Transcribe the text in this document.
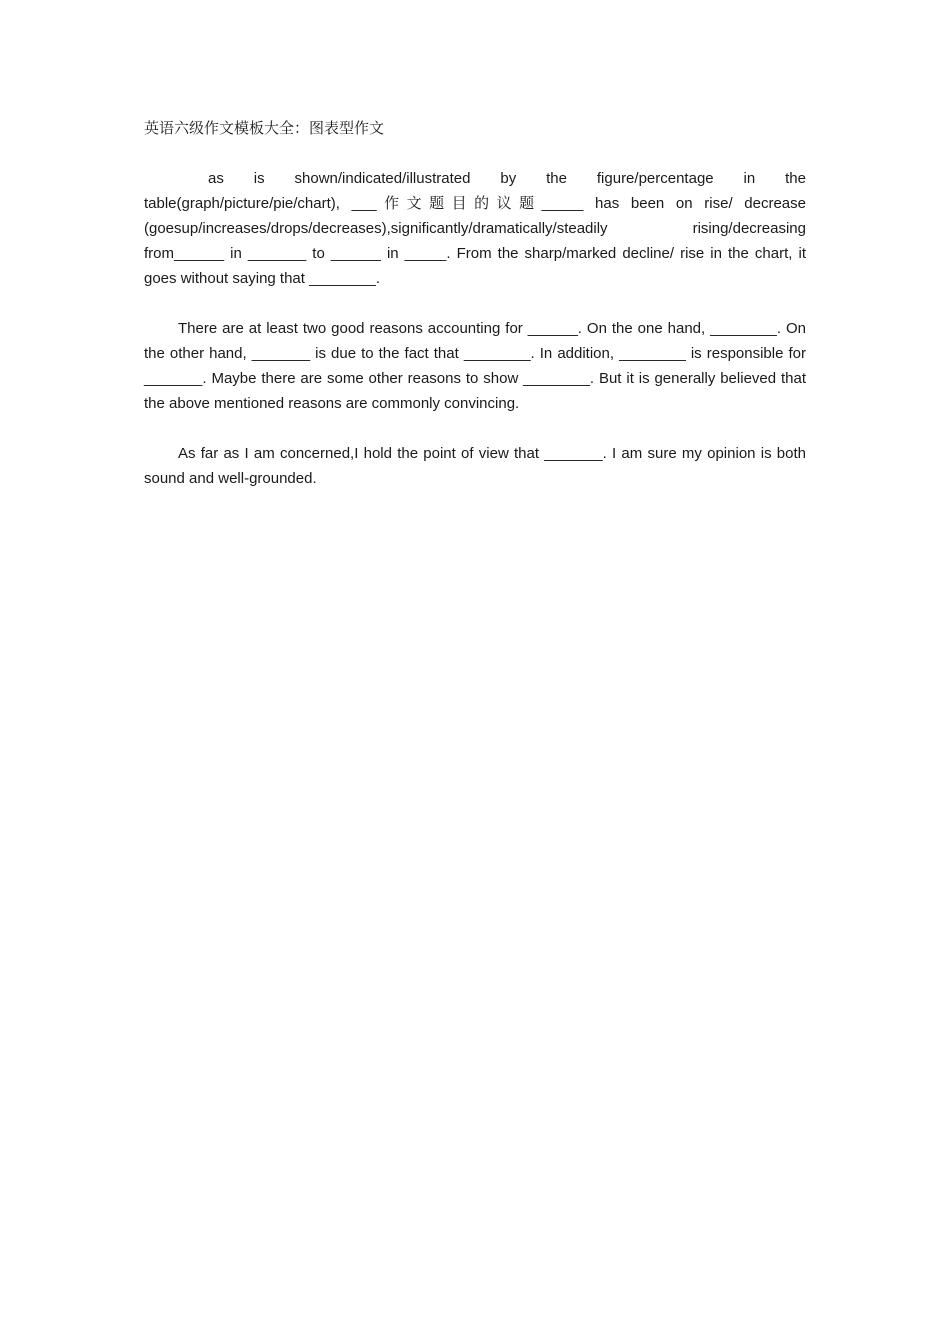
英语六级作文模板大全：图表型作文

as is shown/indicated/illustrated by the figure/percentage in the table(graph/picture/pie/chart), ___作文题目的议题_____ has been on rise/ decrease (goesup/increases/drops/decreases),significantly/dramatically/steadily rising/decreasing from______ in _______ to ______ in _____. From the sharp/marked decline/ rise in the chart, it goes without saying that ________.

There are at least two good reasons accounting for ______. On the one hand, ________. On the other hand, _______ is due to the fact that ________. In addition, ________ is responsible for _______. Maybe there are some other reasons to show ________. But it is generally believed that the above mentioned reasons are commonly convincing.

As far as I am concerned,I hold the point of view that _______. I am sure my opinion is both sound and well-grounded.
